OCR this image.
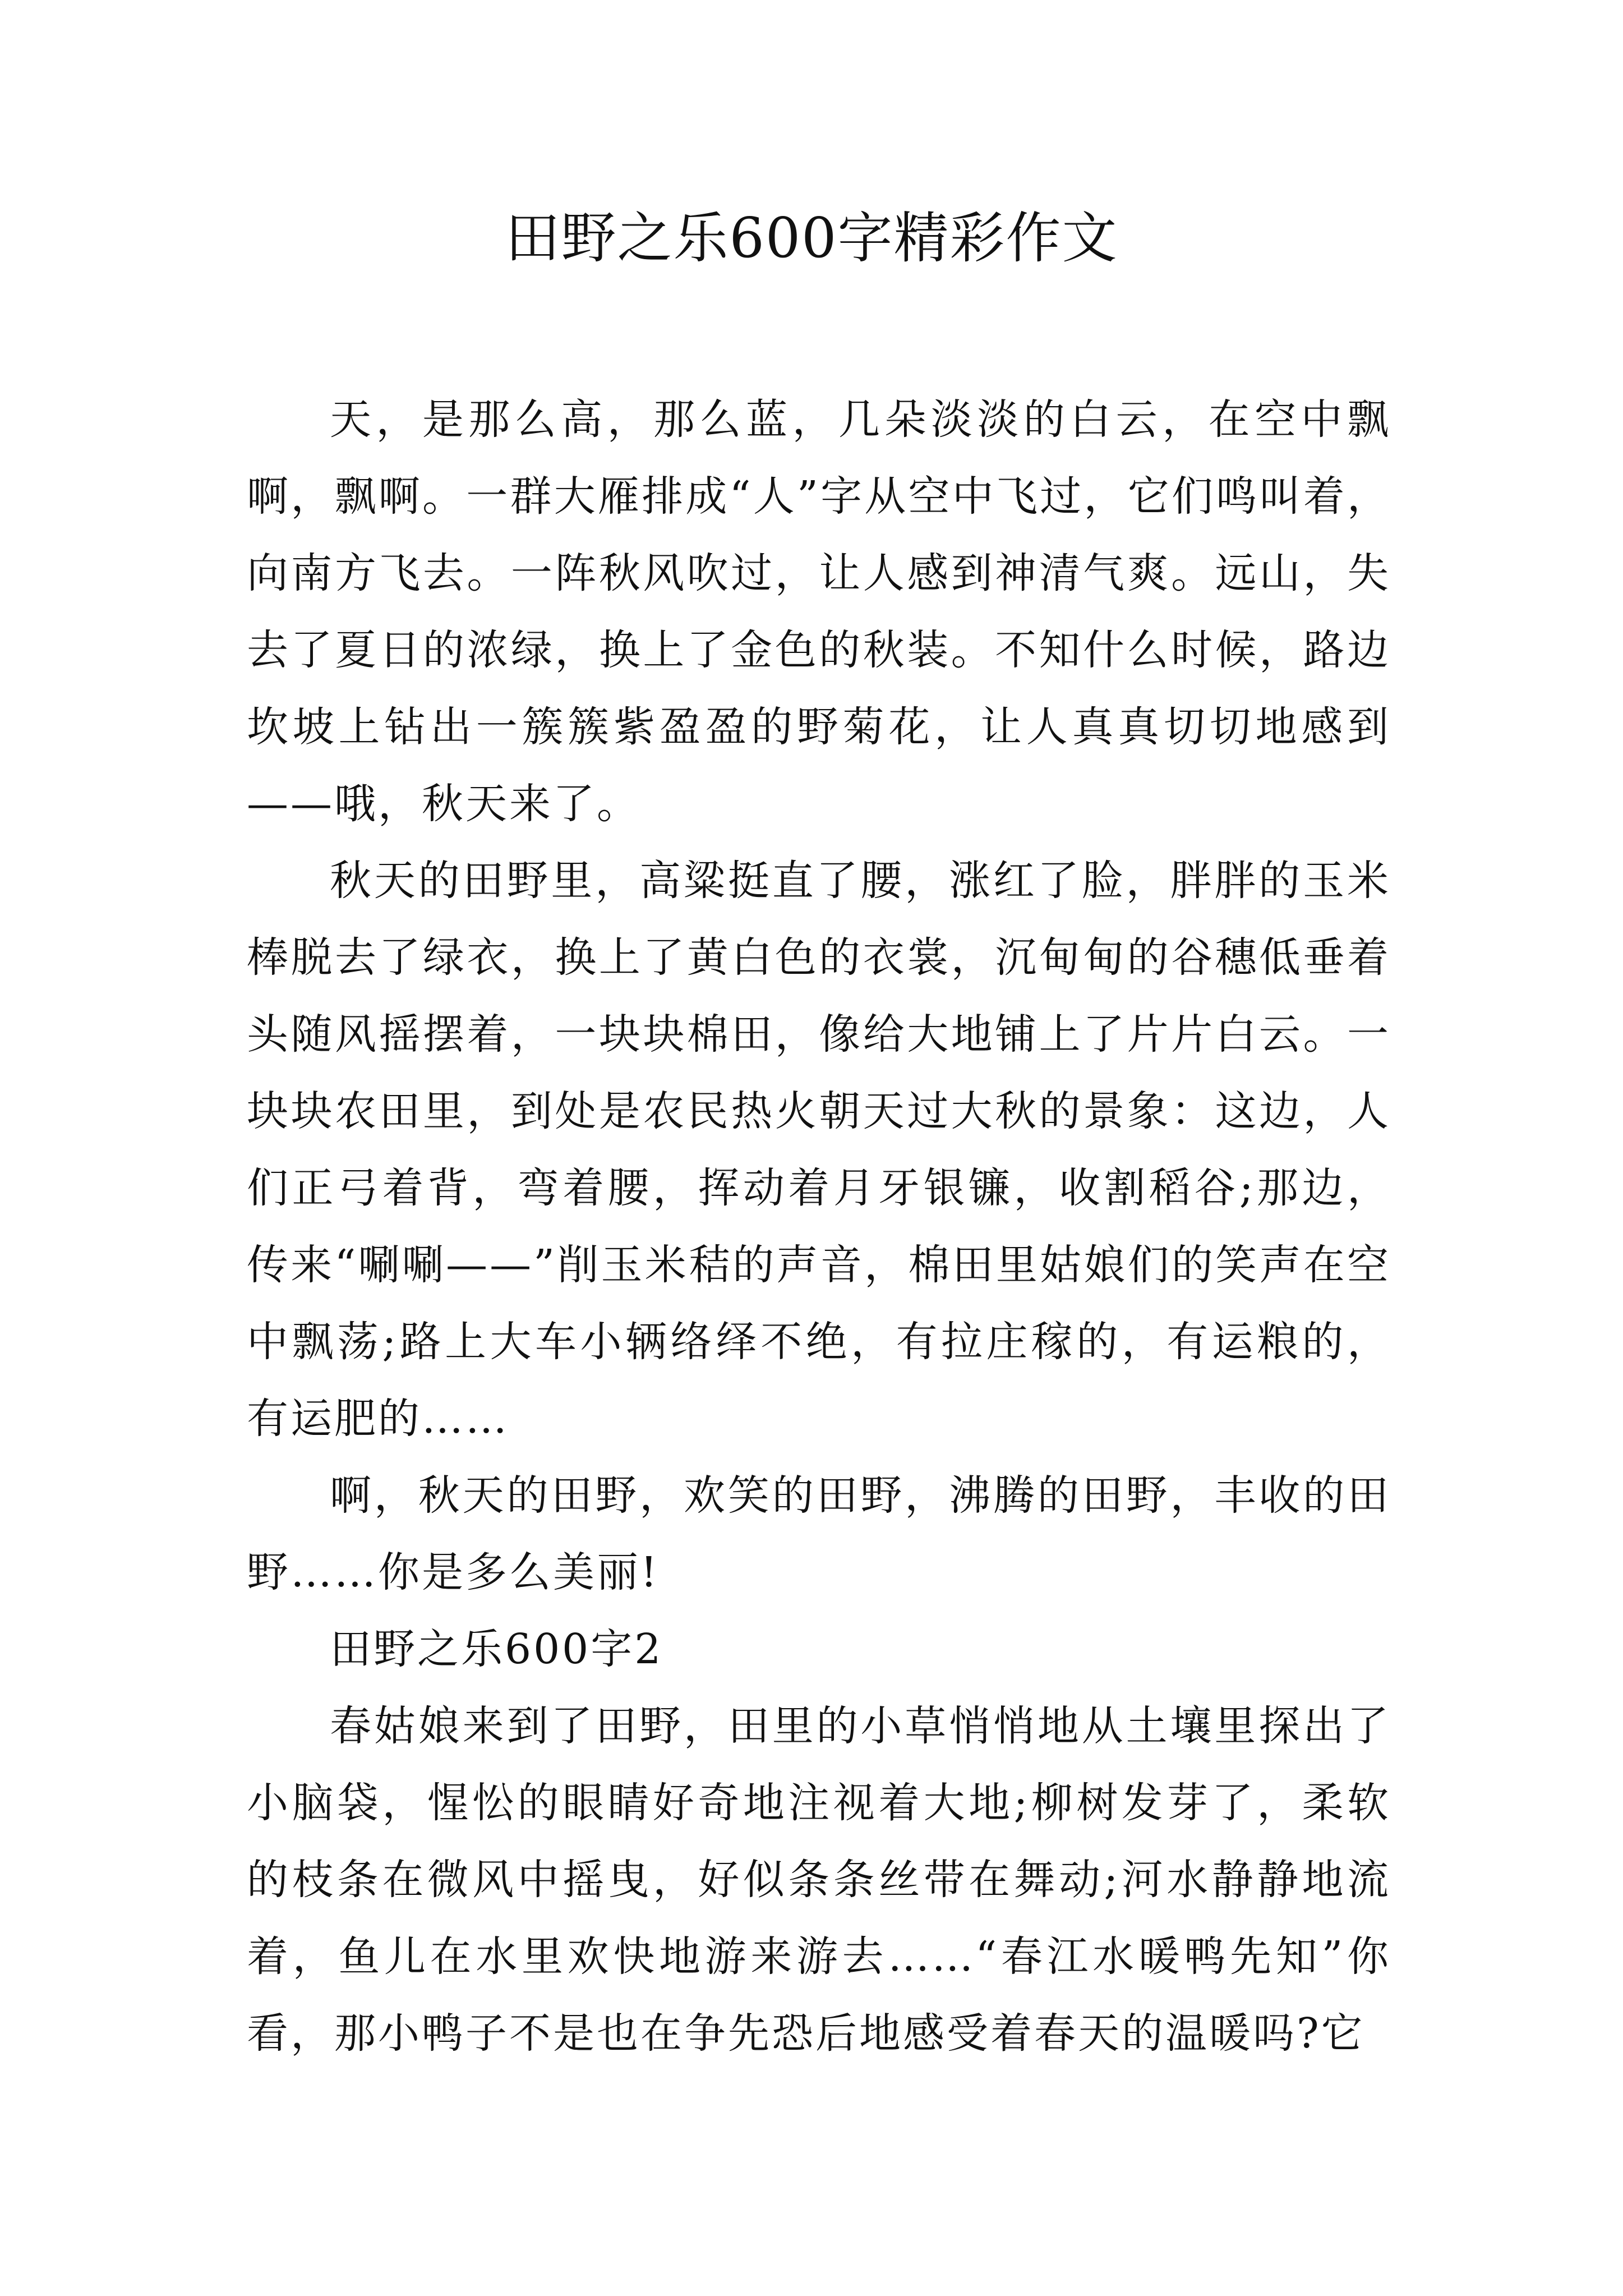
田野之乐600字精彩作文

天，是那么高，那么蓝，几朵淡淡的白云，在空中飘啊，飘啊。一群大雁排成“人”字从空中飞过，它们鸣叫着，向南方飞去。一阵秋风吹过，让人感到神清气爽。远山，失去了夏日的浓绿，换上了金色的秋装。不知什么时候，路边坎坡上钻出一簇簇紫盈盈的野菊花，让人真真切切地感到——哦，秋天来了。

秋天的田野里，高粱挺直了腰，涨红了脸，胖胖的玉米棒脱去了绿衣，换上了黄白色的衣裳，沉甸甸的谷穗低垂着头随风摇摆着，一块块棉田，像给大地铺上了片片白云。一块块农田里，到处是农民热火朝天过大秋的景象：这边，人们正弓着背，弯着腰，挥动着月牙银镰，收割稻谷;那边，传来“唰唰——”削玉米秸的声音，棉田里姑娘们的笑声在空中飘荡;路上大车小辆络绎不绝，有拉庄稼的，有运粮的，有运肥的……

啊，秋天的田野，欢笑的田野，沸腾的田野，丰收的田野……你是多么美丽!

田野之乐600字2

春姑娘来到了田野，田里的小草悄悄地从土壤里探出了小脑袋，惺忪的眼睛好奇地注视着大地;柳树发芽了，柔软的枝条在微风中摇曳，好似条条丝带在舞动;河水静静地流着，鱼儿在水里欢快地游来游去……“春江水暖鸭先知”你看，那小鸭子不是也在争先恐后地感受着春天的温暖吗?它
